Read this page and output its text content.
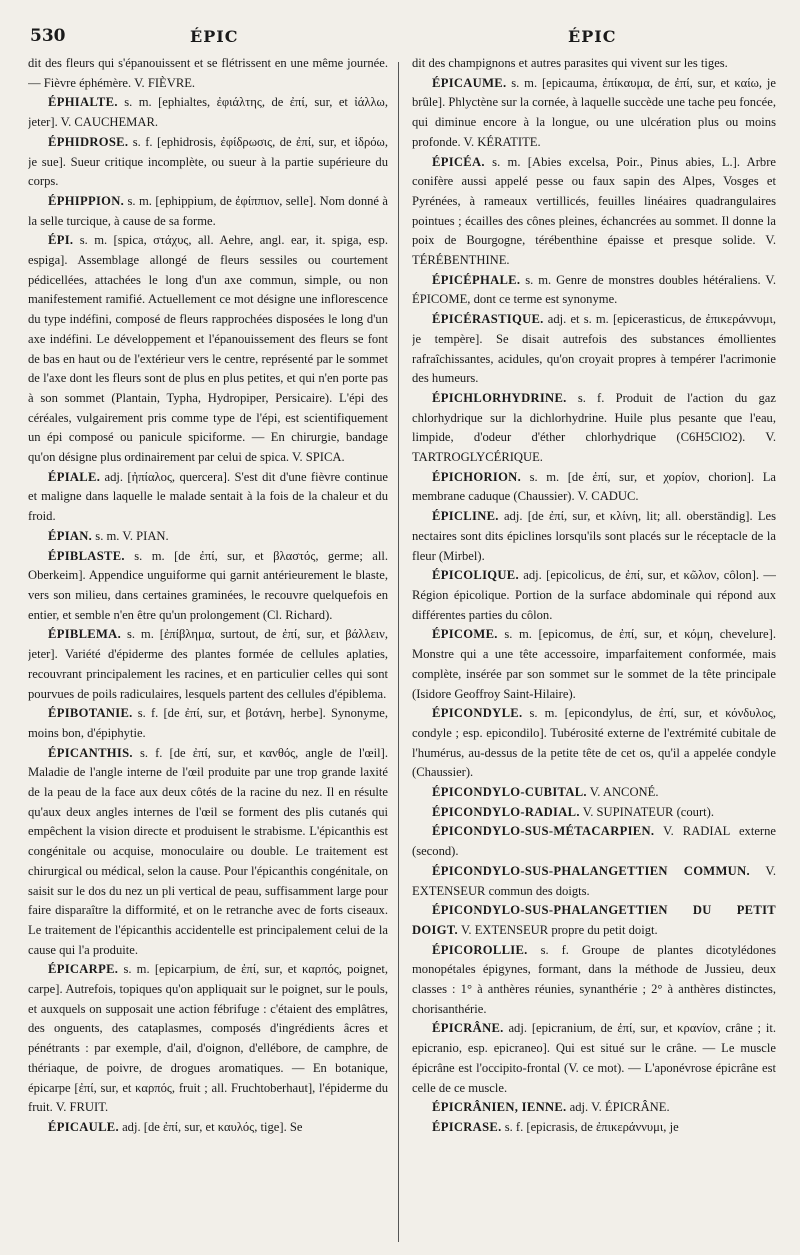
530	ÉPIC	ÉPIC

dit des fleurs qui s'épanouissent et se flétrissent en une même journée. — Fièvre éphémère. V. FIÈVRE.

ÉPHIALTE. s. m. [ephialtes, ἐφιάλτης, de ἐπί, sur, et ἰάλλω, jeter]. V. CAUCHEMAR.

ÉPHIDROSE. s. f. [ephidrosis, ἐφίδρωσις, de ἐπί, sur, et ἱδρόω, je sue]. Sueur critique incomplète, ou sueur à la partie supérieure du corps.

ÉPHIPPION. s. m. [ephippium, de ἐφίππιον, selle]. Nom donné à la selle turcique, à cause de sa forme.

ÉPI. s. m. [spica, στάχυς, all. Aehre, angl. ear, it. spiga, esp. espiga]. Assemblage allongé de fleurs sessiles ou courtement pédicellées, attachées le long d'un axe commun, simple, ou non manifestement ramifié. Actuellement ce mot désigne une inflorescence du type indéfini, composé de fleurs rapprochées disposées le long d'un axe indéfini. Le développement et l'épanouissement des fleurs se font de bas en haut ou de l'extérieur vers le centre, représenté par le sommet de l'axe dont les fleurs sont de plus en plus petites, et qui n'en porte pas à son sommet (Plantain, Typha, Hydropiper, Persicaire). L'épi des céréales, vulgairement pris comme type de l'épi, est scientifiquement un épi composé ou panicule spiciforme. — En chirurgie, bandage qu'on désigne plus ordinairement par celui de spica. V. SPICA.

ÉPIALE. adj. [ἠπίαλος, quercera]. S'est dit d'une fièvre continue et maligne dans laquelle le malade sentait à la fois de la chaleur et du froid.

ÉPIAN. s. m. V. PIAN.

ÉPIBLASTE. s. m. [de ἐπί, sur, et βλαστός, germe; all. Oberkeim]. Appendice unguiforme qui garnit antérieurement le blaste, vers son milieu, dans certaines graminées, le recouvre quelquefois en entier, et semble n'en être qu'un prolongement (Cl. Richard).

ÉPIBLEMA. s. m. [ἐπίβλημα, surtout, de ἐπί, sur, et βάλλειν, jeter]. Variété d'épiderme des plantes formée de cellules aplaties, recouvrant principalement les racines, et en particulier celles qui sont pourvues de poils radiculaires, lesquels partent des cellules d'épiblema.

ÉPIBOTANIE. s. f. [de ἐπί, sur, et βοτάνη, herbe]. Synonyme, moins bon, d'épiphytie.

ÉPICANTHIS. s. f. [de ἐπί, sur, et κανθός, angle de l'œil]. Maladie de l'angle interne de l'œil produite par une trop grande laxité de la peau de la face aux deux côtés de la racine du nez. Il en résulte qu'aux deux angles internes de l'œil se forment des plis cutanés qui empêchent la vision directe et produisent le strabisme. L'épicanthis est congénitale ou acquise, monoculaire ou double. Le traitement est chirurgical ou médical, selon la cause. Pour l'épicanthis congénitale, on saisit sur le dos du nez un pli vertical de peau, suffisamment large pour faire disparaître la difformité, et on le retranche avec de forts ciseaux. Le traitement de l'épicanthis accidentelle est principalement celui de la cause qui l'a produite.

ÉPICARPE. s. m. [epicarpium, de ἐπί, sur, et καρπός, poignet, carpe]. Autrefois, topiques qu'on appliquait sur le poignet, sur le pouls, et auxquels on supposait une action fébrifuge : c'étaient des emplâtres, des onguents, des cataplasmes, composés d'ingrédients âcres et pénétrants : par exemple, d'ail, d'oignon, d'ellébore, de camphre, de thériaque, de poivre, de drogues aromatiques. — En botanique, épicarpe [ἐπί, sur, et καρπός, fruit ; all. Fruchtoberhaut], l'épiderme du fruit. V. FRUIT.

ÉPICAULE. adj. [de ἐπί, sur, et καυλός, tige]. Se

dit des champignons et autres parasites qui vivent sur les tiges.

ÉPICAUME. s. m. [epicauma, ἐπίκαυμα, de ἐπί, sur, et καίω, je brûle]. Phlyctène sur la cornée, à laquelle succède une tache peu foncée, qui diminue encore à la longue, ou une ulcération plus ou moins profonde. V. KÉRATITE.

ÉPICÉA. s. m. [Abies excelsa, Poir., Pinus abies, L.]. Arbre conifère aussi appelé pesse ou faux sapin des Alpes, Vosges et Pyrénées, à rameaux vertillicés, feuilles linéaires quadrangulaires pointues ; écailles des cônes pleines, échancrées au sommet. Il donne la poix de Bourgogne, térébenthine épaisse et presque solide. V. TÉRÉBENTHINE.

ÉPICÉPHALE. s. m. Genre de monstres doubles hétéraliens. V. ÉPICOME, dont ce terme est synonyme.

ÉPICÉRASTIQUE. adj. et s. m. [epicerasticus, de ἐπικεράννυμι, je tempère]. Se disait autrefois des substances émollientes rafraîchissantes, acidules, qu'on croyait propres à tempérer l'acrimonie des humeurs.

ÉPICHLORHYDRINE. s. f. Produit de l'action du gaz chlorhydrique sur la dichlorhydrine. Huile plus pesante que l'eau, limpide, d'odeur d'éther chlorhydrique (C6H5ClO2). V. TARTROGLYCÉRIQUE.

ÉPICHORION. s. m. [de ἐπί, sur, et χορίον, chorion]. La membrane caduque (Chaussier). V. CADUC.

ÉPICLINE. adj. [de ἐπί, sur, et κλίνη, lit; all. oberständig]. Les nectaires sont dits épiclines lorsqu'ils sont placés sur le réceptacle de la fleur (Mirbel).

ÉPICOLIQUE. adj. [epicolicus, de ἐπί, sur, et κῶλον, côlon]. — Région épicolique. Portion de la surface abdominale qui répond aux différentes parties du côlon.

ÉPICOME. s. m. [epicomus, de ἐπί, sur, et κόμη, chevelure]. Monstre qui a une tête accessoire, imparfaitement conformée, mais complète, insérée par son sommet sur le sommet de la tête principale (Isidore Geoffroy Saint-Hilaire).

ÉPICONDYLE. s. m. [epicondylus, de ἐπί, sur, et κόνδυλος, condyle ; esp. epicondilo]. Tubérosité externe de l'extrémité cubitale de l'humérus, au-dessus de la petite tête de cet os, qu'il a appelée condyle (Chaussier).

ÉPICONDYLO-CUBITAL. V. ANCONÉ.

ÉPICONDYLO-RADIAL. V. SUPINATEUR (court).

ÉPICONDYLO-SUS-MÉTACARPIEN. V. RADIAL externe (second).

ÉPICONDYLO-SUS-PHALANGETTIEN COMMUN. V. EXTENSEUR commun des doigts.

ÉPICONDYLO-SUS-PHALANGETTIEN DU PETIT DOIGT. V. EXTENSEUR propre du petit doigt.

ÉPICOROLLIE. s. f. Groupe de plantes dicotylédones monopétales épigynes, formant, dans la méthode de Jussieu, deux classes : 1° à anthères réunies, synanthérie ; 2° à anthères distinctes, chorisanthérie.

ÉPICRÂNE. adj. [epicranium, de ἐπί, sur, et κρανίον, crâne ; it. epicranio, esp. epicraneo]. Qui est situé sur le crâne. — Le muscle épicrâne est l'occipito-frontal (V. ce mot). — L'aponévrose épicrâne est celle de ce muscle.

ÉPICRÂNIEN, IENNE. adj. V. ÉPICRÂNE.

ÉPICRASE. s. f. [epicrasis, de ἐπικεράννυμι, je
